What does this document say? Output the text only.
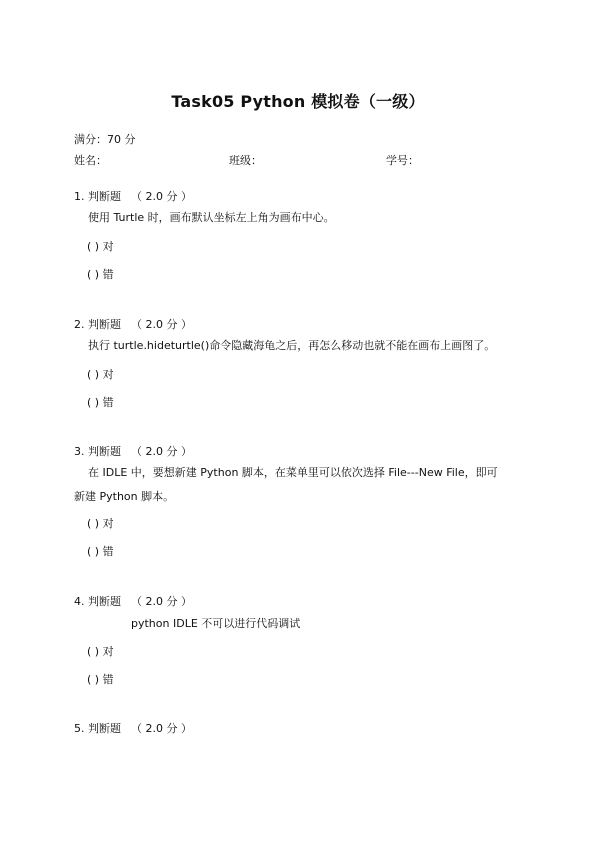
Task05 Python 模拟卷（一级）
满分：70 分
姓名：	班级：	学号：
1. 判断题 （ 2.0 分 ）
使用 Turtle 时，画布默认坐标左上角为画布中心。
( ) 对
( ) 错
2. 判断题 （ 2.0 分 ）
执行 turtle.hideturtle()命令隐藏海龟之后，再怎么移动也就不能在画布上画图了。
( ) 对
( ) 错
3. 判断题 （ 2.0 分 ）
在 IDLE 中，要想新建 Python 脚本，在菜单里可以依次选择 File---New File，即可
新建 Python 脚本。
( ) 对
( ) 错
4. 判断题 （ 2.0 分 ）
python IDLE 不可以进行代码调试
( ) 对
( ) 错
5. 判断题 （ 2.0 分 ）
